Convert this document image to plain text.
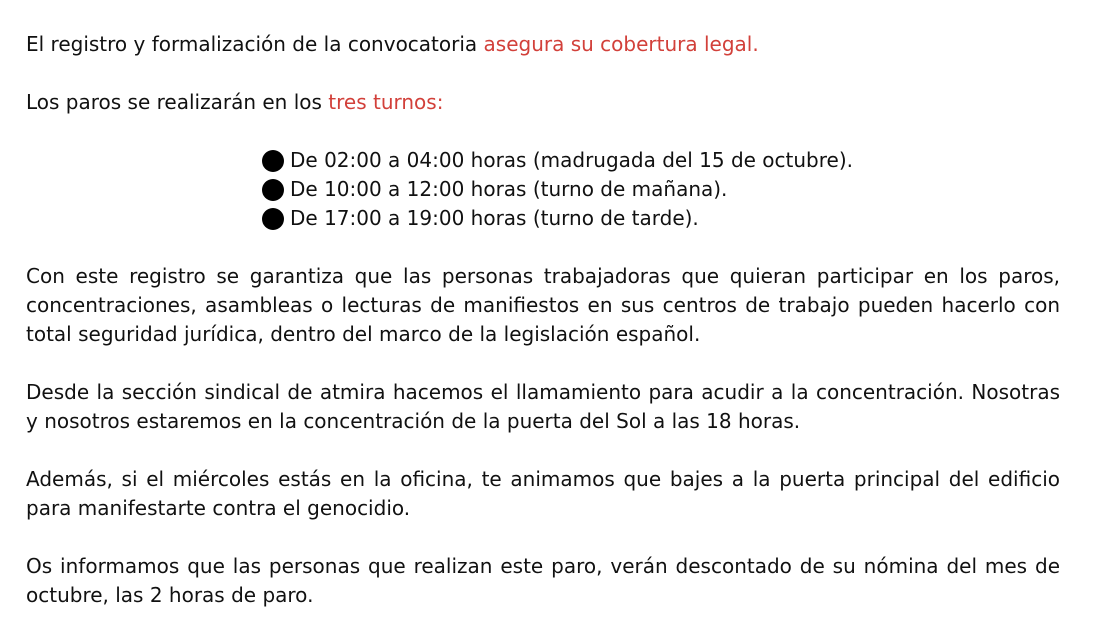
El registro y formalización de la convocatoria asegura su cobertura legal.

Los paros se realizarán en los tres turnos:

De 02:00 a 04:00 horas (madrugada del 15 de octubre).
De 10:00 a 12:00 horas (turno de mañana).
De 17:00 a 19:00 horas (turno de tarde).

Con este registro se garantiza que las personas trabajadoras que quieran participar en los paros, concentraciones, asambleas o lecturas de manifiestos en sus centros de trabajo pueden hacerlo con total seguridad jurídica, dentro del marco de la legislación español.

Desde la sección sindical de atmira hacemos el llamamiento para acudir a la concentración. Nosotras y nosotros estaremos en la concentración de la puerta del Sol a las 18 horas.

Además, si el miércoles estás en la oficina, te animamos que bajes a la puerta principal del edificio para manifestarte contra el genocidio.

Os informamos que las personas que realizan este paro, verán descontado de su nómina del mes de octubre, las 2 horas de paro.
